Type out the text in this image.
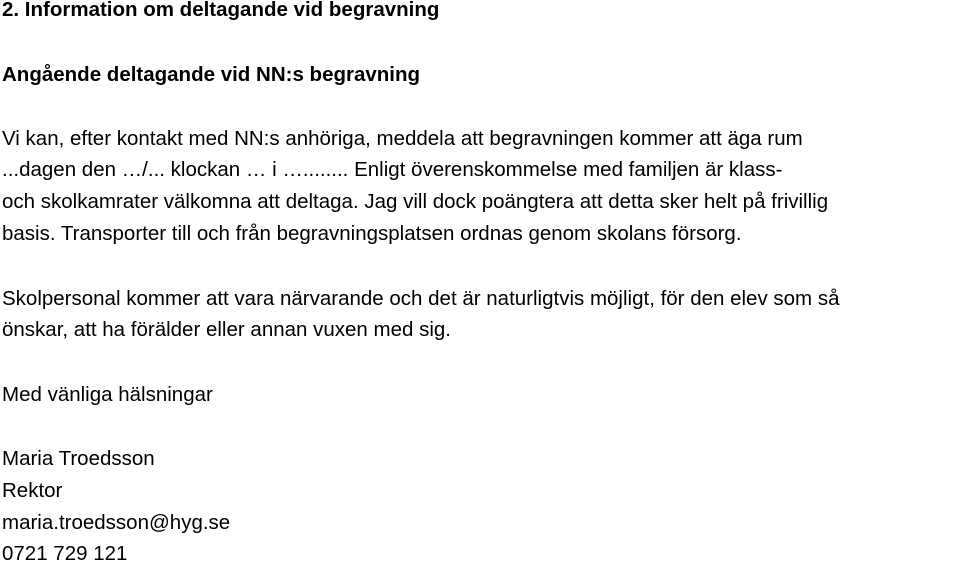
2. Information om deltagande vid begravning
Angående deltagande vid NN:s begravning
Vi kan, efter kontakt med NN:s anhöriga, meddela att begravningen kommer att äga rum
...dagen den …/... klockan … i …........ Enligt överenskommelse med familjen är klass-
och skolkamrater välkomna att deltaga. Jag vill dock poängtera att detta sker helt på frivillig
basis. Transporter till och från begravningsplatsen ordnas genom skolans försorg.
Skolpersonal kommer att vara närvarande och det är naturligtvis möjligt, för den elev som så
önskar, att ha förälder eller annan vuxen med sig.
Med vänliga hälsningar
Maria Troedsson
Rektor
maria.troedsson@hyg.se
0721 729 121
